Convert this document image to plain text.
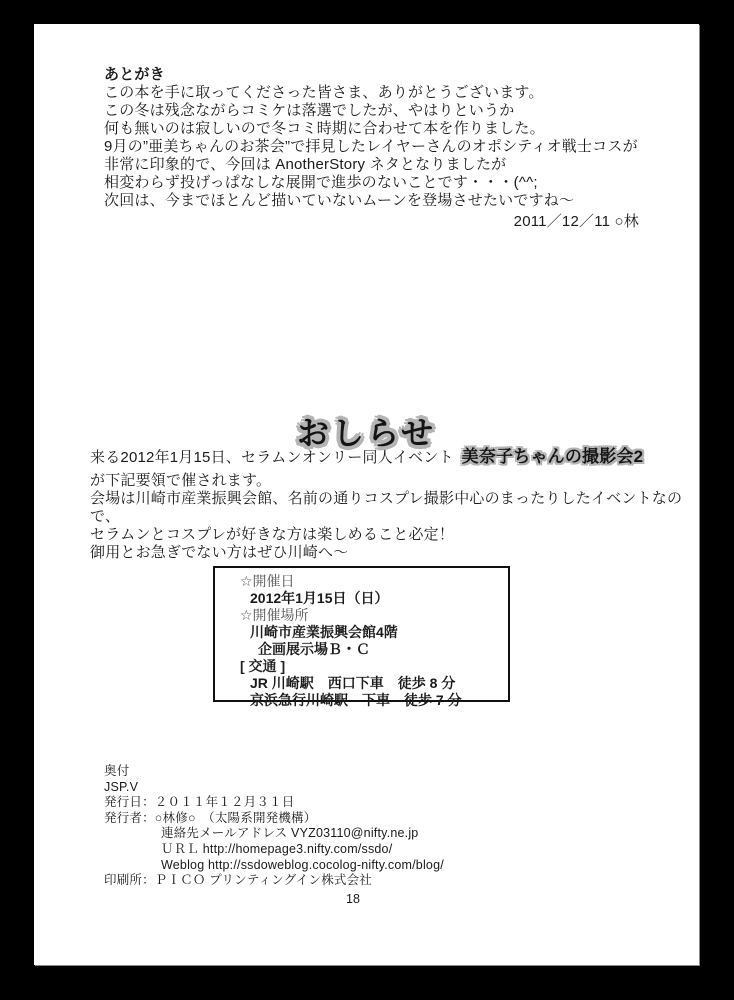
あとがき
この本を手に取ってくださった皆さま、ありがとうございます。
この冬は残念ながらコミケは落選でしたが、やはりというか
何も無いのは寂しいので冬コミ時期に合わせて本を作りました。
9月の”亜美ちゃんのお茶会”で拝見したレイヤーさんのオポシティオ戦士コスが
非常に印象的で、今回は AnotherStory ネタとなりましたが
相変わらず投げっぱなしな展開で進歩のないことです・・・(^^;
次回は、今までほとんど描いていないムーンを登場させたいですね～
2011／12／11 ○林
おしらせ
来る2012年1月15日、セラムンオンリー同人イベント 美奈子ちゃんの撮影会2
が下記要領で催されます。
会場は川崎市産業振興会館、名前の通りコスプレ撮影中心のまったりしたイベントなので、
セラムンとコスプレが好きな方は楽しめること必定！
御用とお急ぎでない方はぜひ川崎へ～
☆開催日
2012年1月15日（日）
☆開催場所
川崎市産業振興会館4階
企画展示場Ｂ・Ｃ
[ 交通 ]
JR 川崎駅　西口下車　徒歩 8 分
京浜急行川崎駅　下車　徒歩 7 分
奥付
JSP.V
発行日：２０１１年１２月３１日
発行者：○林修○　（太陽系開発機構）
連絡先メールアドレス VYZ03110@nifty.ne.jp
ＵＲＬ http://homepage3.nifty.com/ssdo/
Weblog http://ssdoweblog.cocolog-nifty.com/blog/
印刷所：ＰＩＣＯ プリンティングイン株式会社
18
